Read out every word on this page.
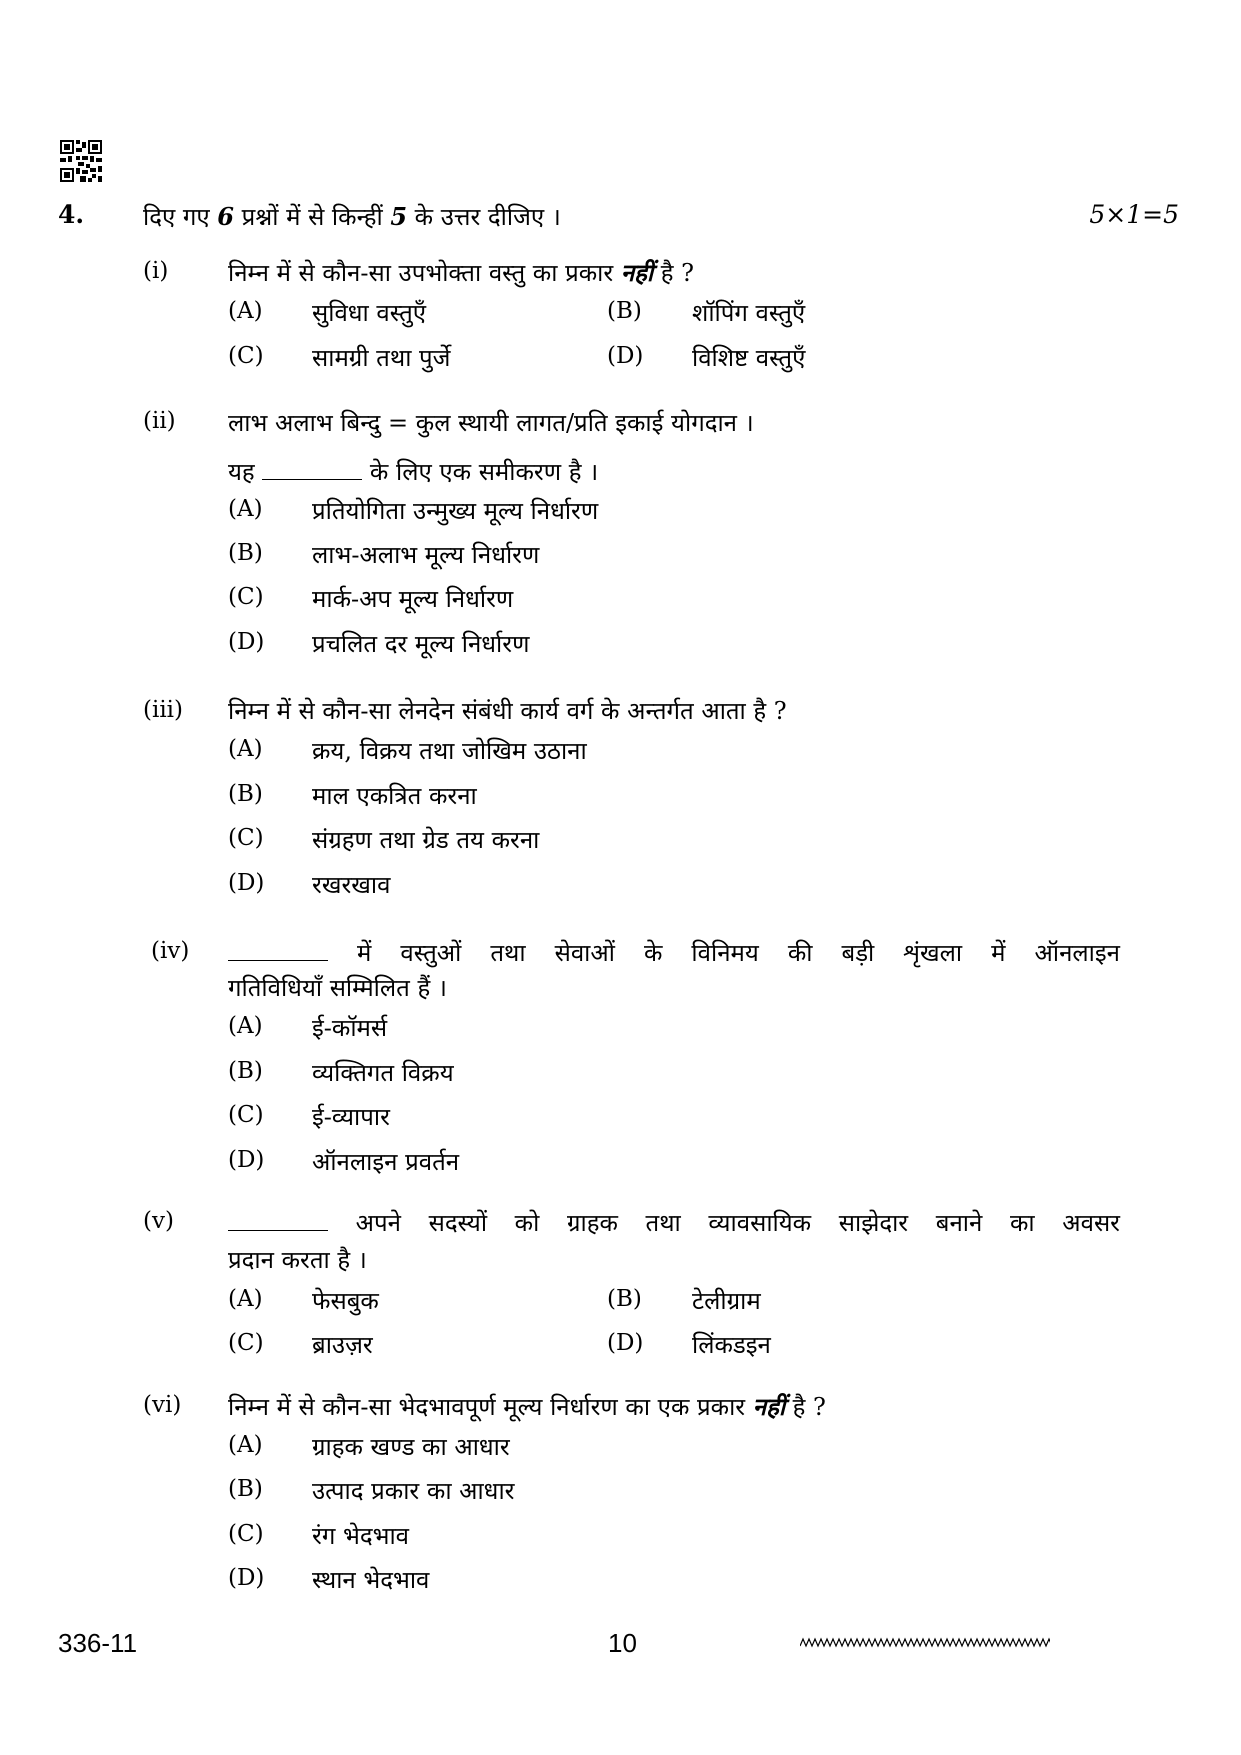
4. दिए गए 6 प्रश्नों में से किन्हीं 5 के उत्तर दीजिए ।	5×1=5
(i) निम्न में से कौन-सा उपभोक्ता वस्तु का प्रकार नहीं है ?
(A) सुविधा वस्तुएँ	(B) शॉपिंग वस्तुएँ
(C) सामग्री तथा पुर्जे	(D) विशिष्ट वस्तुएँ
(ii) लाभ अलाभ बिन्दु = कुल स्थायी लागत/प्रति इकाई योगदान ।
यह	के लिए एक समीकरण है ।
(A) प्रतियोगिता उन्मुख्य मूल्य निर्धारण
(B) लाभ-अलाभ मूल्य निर्धारण
(C) मार्क-अप मूल्य निर्धारण
(D) प्रचलित दर मूल्य निर्धारण
(iii) निम्न में से कौन-सा लेनदेन संबंधी कार्य वर्ग के अन्तर्गत आता है ?
(A) क्रय, विक्रय तथा जोखिम उठाना
(B) माल एकत्रित करना
(C) संग्रहण तथा ग्रेड तय करना
(D) रखरखाव
(iv)	में वस्तुओं तथा सेवाओं के विनिमय की बड़ी शृंखला में ऑनलाइन
गतिविधियाँ सम्मिलित हैं ।
(A) ई-कॉमर्स
(B) व्यक्तिगत विक्रय
(C) ई-व्यापार
(D) ऑनलाइन प्रवर्तन
(v)	अपने सदस्यों को ग्राहक तथा व्यावसायिक साझेदार बनाने का अवसर
प्रदान करता है ।
(A) फेसबुक	(B) टेलीग्राम
(C) ब्राउज़र	(D) लिंकडइन
(vi) निम्न में से कौन-सा भेदभावपूर्ण मूल्य निर्धारण का एक प्रकार नहीं है ?
(A) ग्राहक खण्ड का आधार
(B) उत्पाद प्रकार का आधार
(C) रंग भेदभाव
(D) स्थान भेदभाव
336-11	10
